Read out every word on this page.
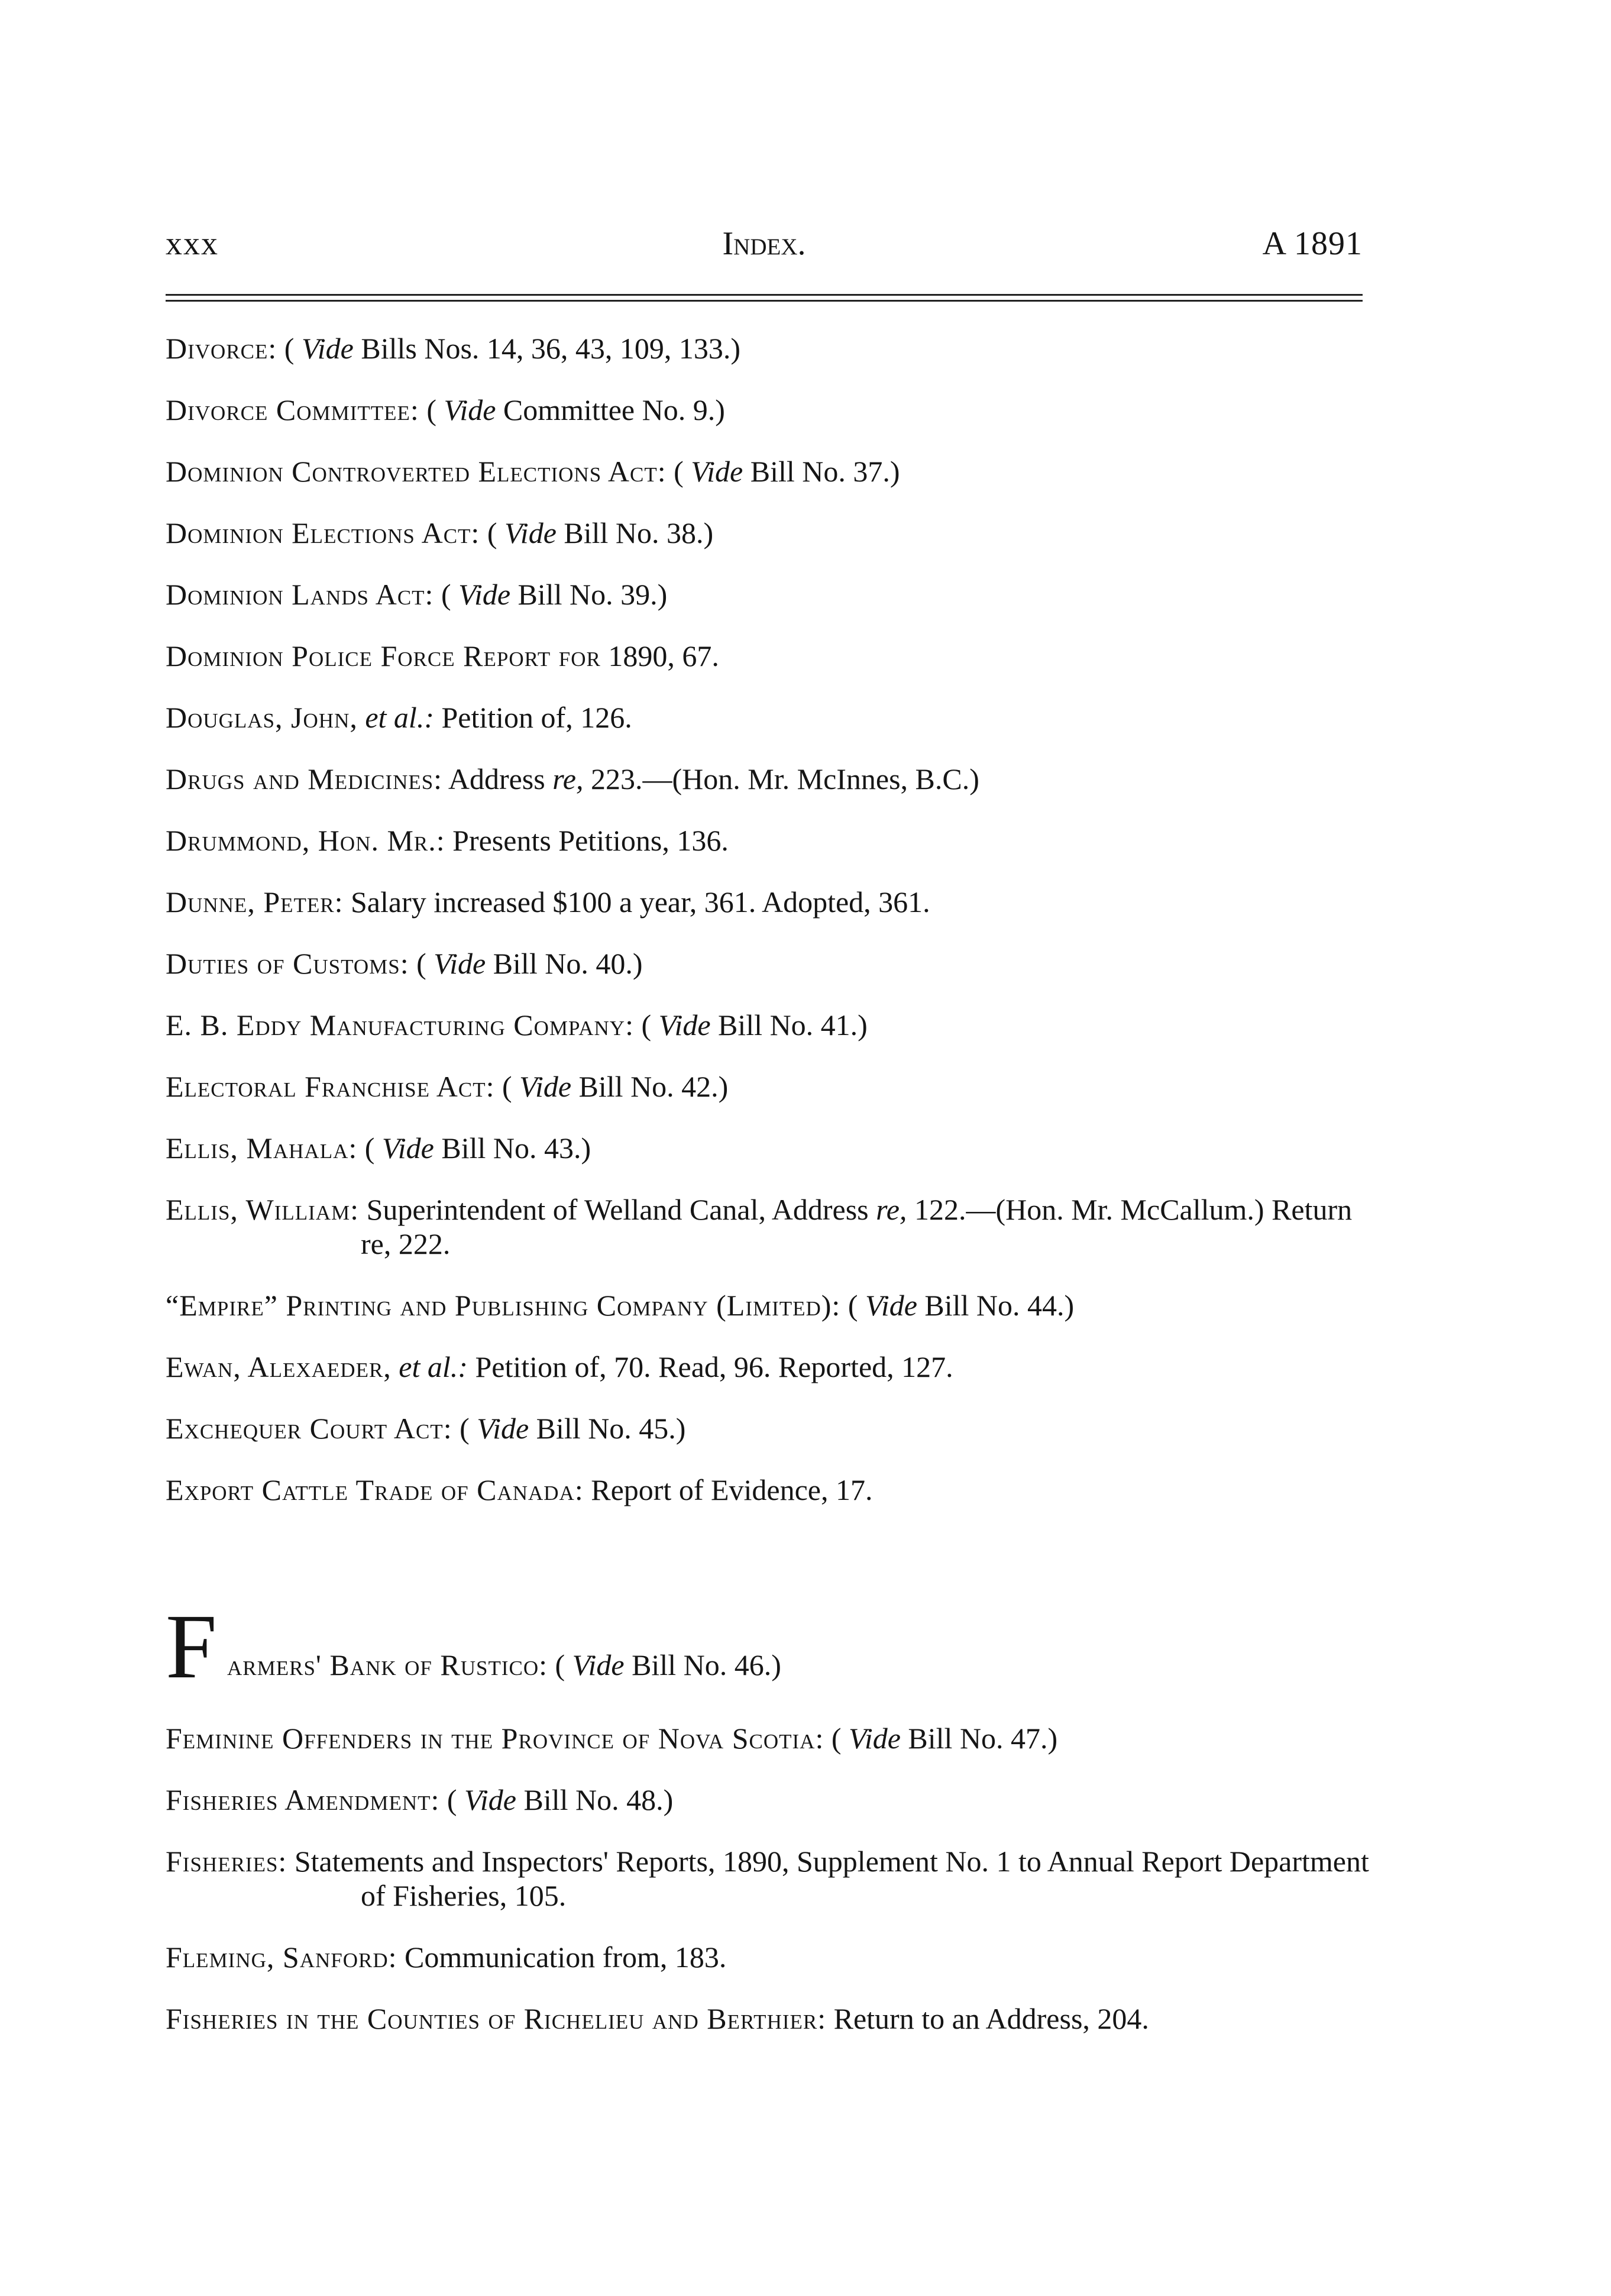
xxx	Index.	A 1891

Divorce: ( Vide Bills Nos. 14, 36, 43, 109, 133.)

Divorce Committee: ( Vide Committee No. 9.)

Dominion Controverted Elections Act: ( Vide Bill No. 37.)

Dominion Elections Act: ( Vide Bill No. 38.)

Dominion Lands Act: ( Vide Bill No. 39.)

Dominion Police Force Report for 1890, 67.

Douglas, John, et al.: Petition of, 126.

Drugs and Medicines: Address re, 223.—(Hon. Mr. McInnes, B.C.)

Drummond, Hon. Mr.: Presents Petitions, 136.

Dunne, Peter: Salary increased $100 a year, 361. Adopted, 361.

Duties of Customs: ( Vide Bill No. 40.)

E. B. Eddy Manufacturing Company: ( Vide Bill No. 41.)

Electoral Franchise Act: ( Vide Bill No. 42.)

Ellis, Mahala: ( Vide Bill No. 43.)

Ellis, William: Superintendent of Welland Canal, Address re, 122.—(Hon. Mr. McCallum.) Return re, 222.

“Empire” Printing and Publishing Company (Limited): ( Vide Bill No. 44.)

Ewan, Alexaeder, et al.: Petition of, 70. Read, 96. Reported, 127.

Exchequer Court Act: ( Vide Bill No. 45.)

Export Cattle Trade of Canada: Report of Evidence, 17.

F armers' Bank of Rustico: ( Vide Bill No. 46.)

Feminine Offenders in the Province of Nova Scotia: ( Vide Bill No. 47.)

Fisheries Amendment: ( Vide Bill No. 48.)

Fisheries: Statements and Inspectors' Reports, 1890, Supplement No. 1 to Annual Report Department of Fisheries, 105.

Fleming, Sanford: Communication from, 183.

Fisheries in the Counties of Richelieu and Berthier: Return to an Address, 204.
